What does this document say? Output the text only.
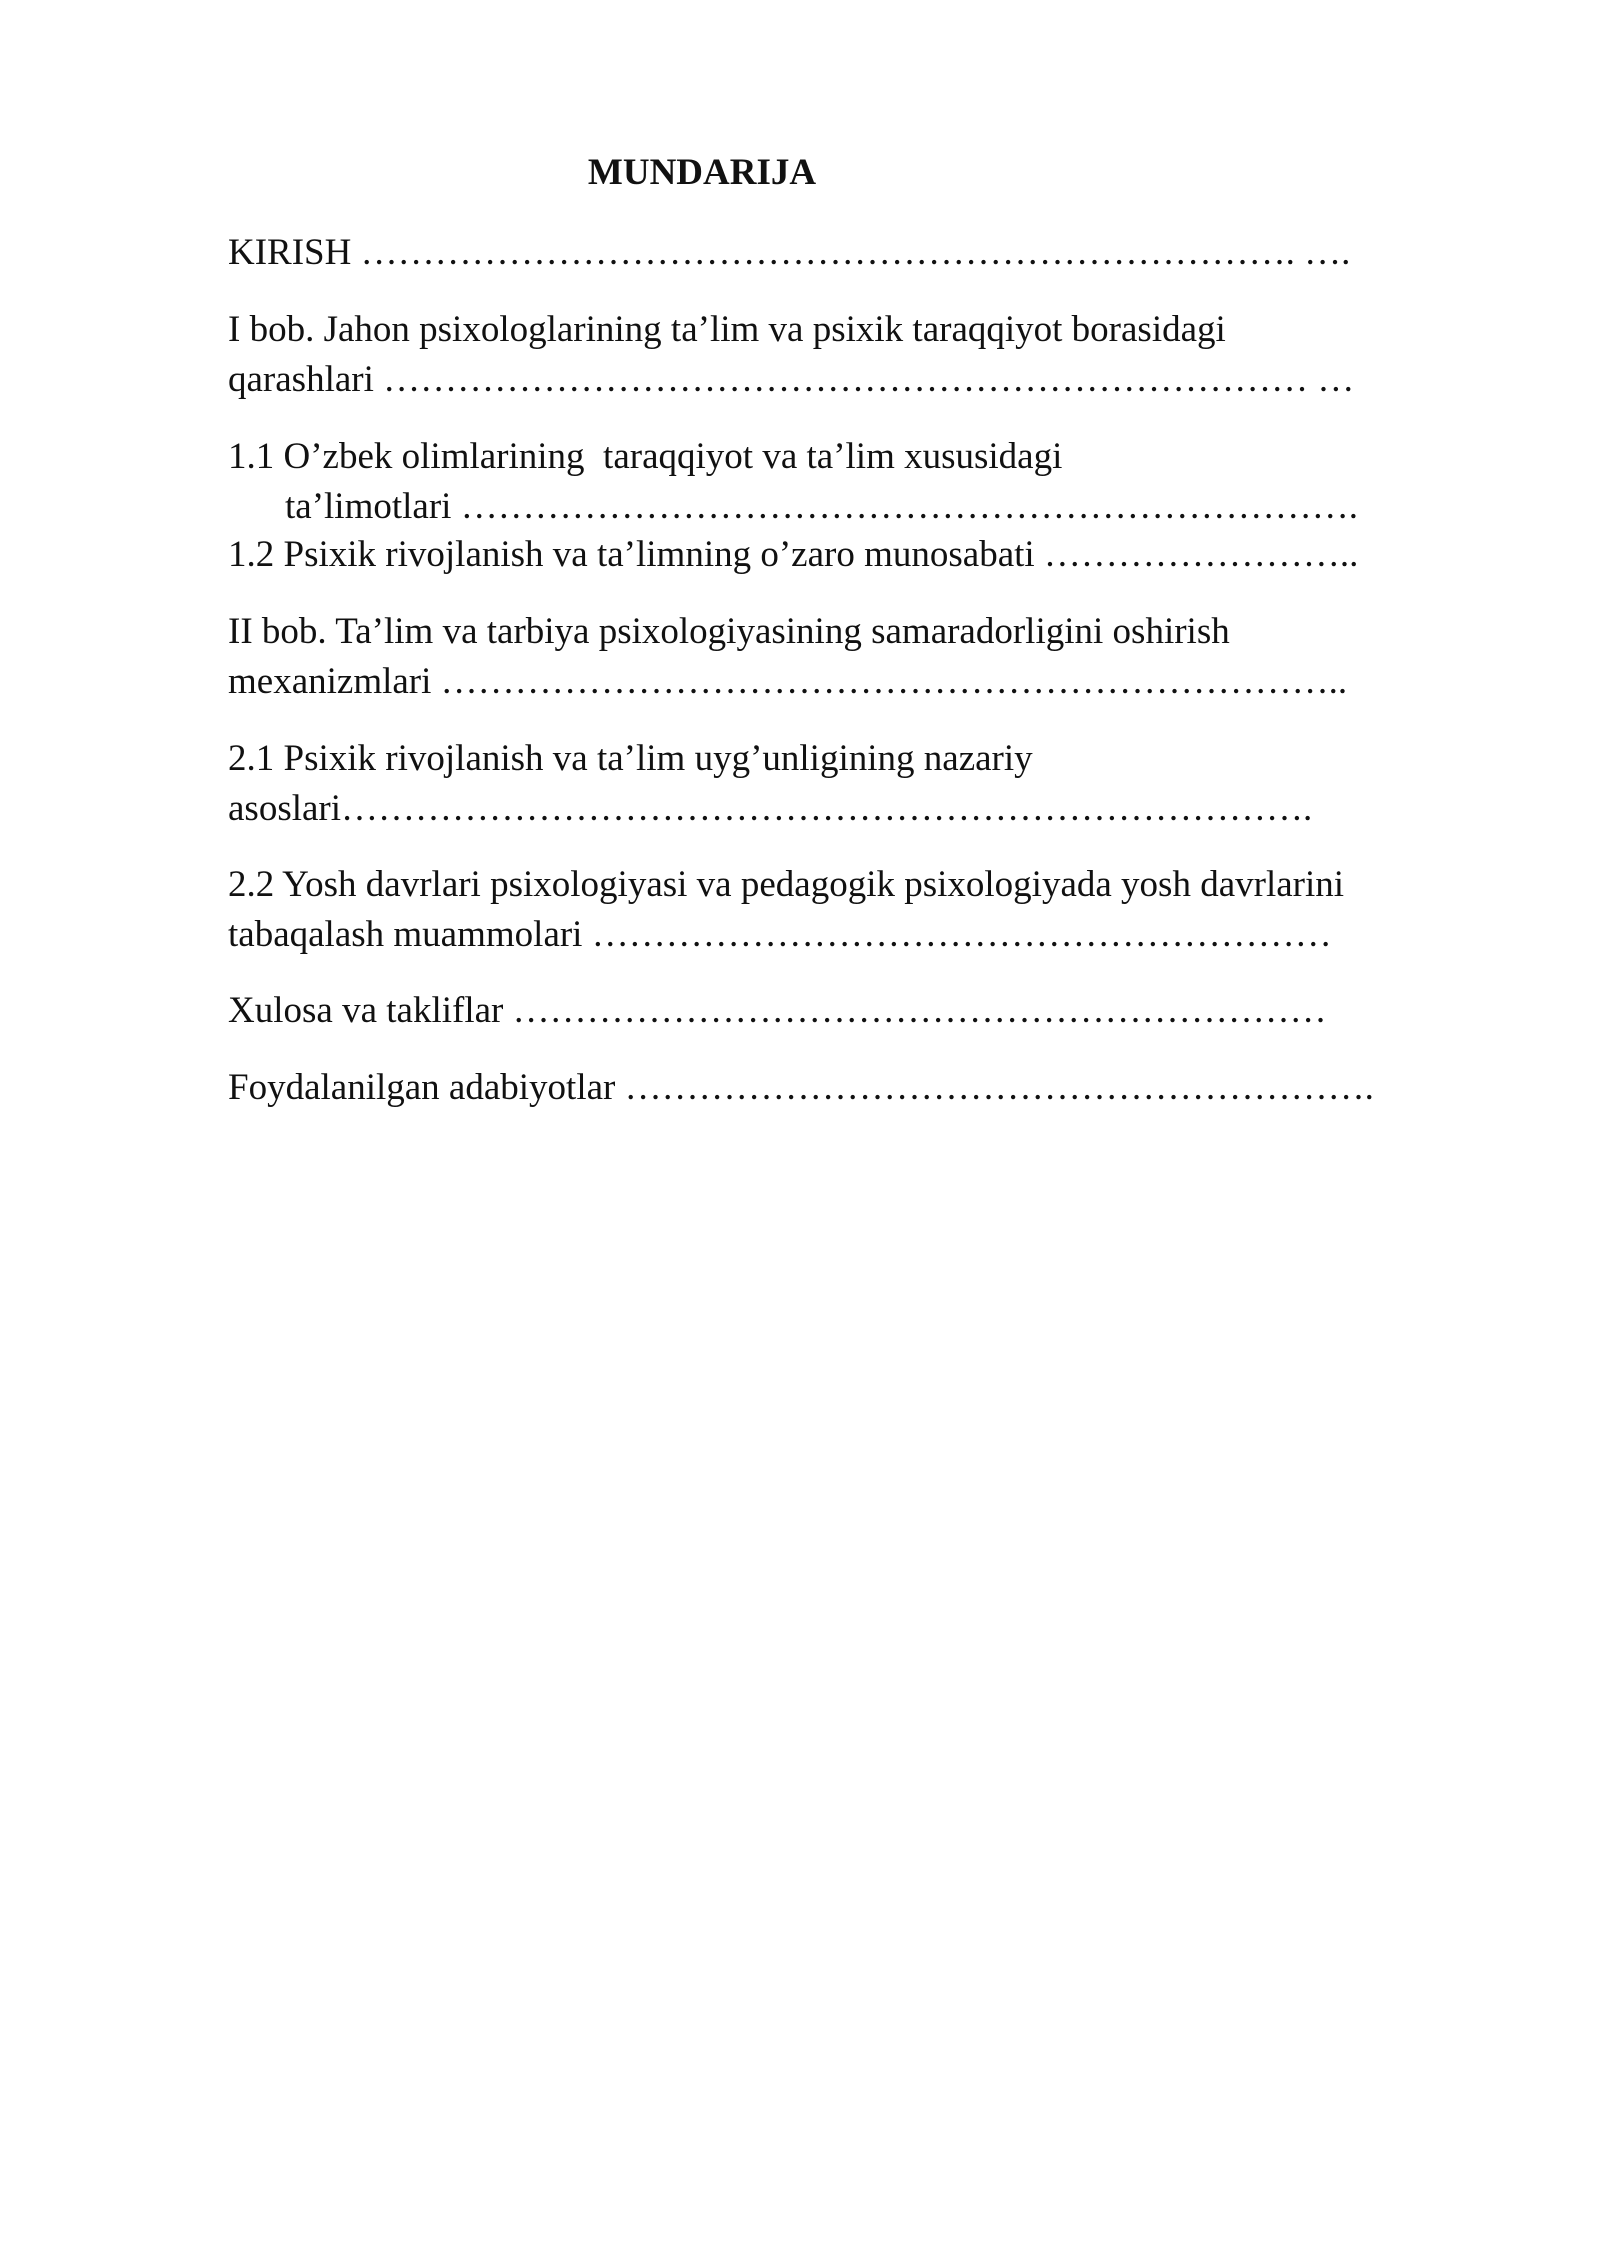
MUNDARIJA

KIRISH …………………………………………………………………. ….

I bob. Jahon psixologlarining ta’lim va psixik taraqqiyot borasidagi

qarashlari ………………………………………………………………… …

1.1 O’zbek olimlarining  taraqqiyot va ta’lim xususidagi

ta’limotlari ……………………………………………………………….

1.2 Psixik rivojlanish va ta’limning o’zaro munosabati ……………………..

II bob. Ta’lim va tarbiya psixologiyasining samaradorligini oshirish

mexanizmlari ………………………………………………………………..

2.1 Psixik rivojlanish va ta’lim uyg’unligining nazariy

asoslari…………………………………………………………………….

2.2 Yosh davrlari psixologiyasi va pedagogik psixologiyada yosh davrlarini

tabaqalash muammolari ……………………………………………………

Xulosa va takliflar …………………………………………………………

Foydalanilgan adabiyotlar …………………………………………………….
